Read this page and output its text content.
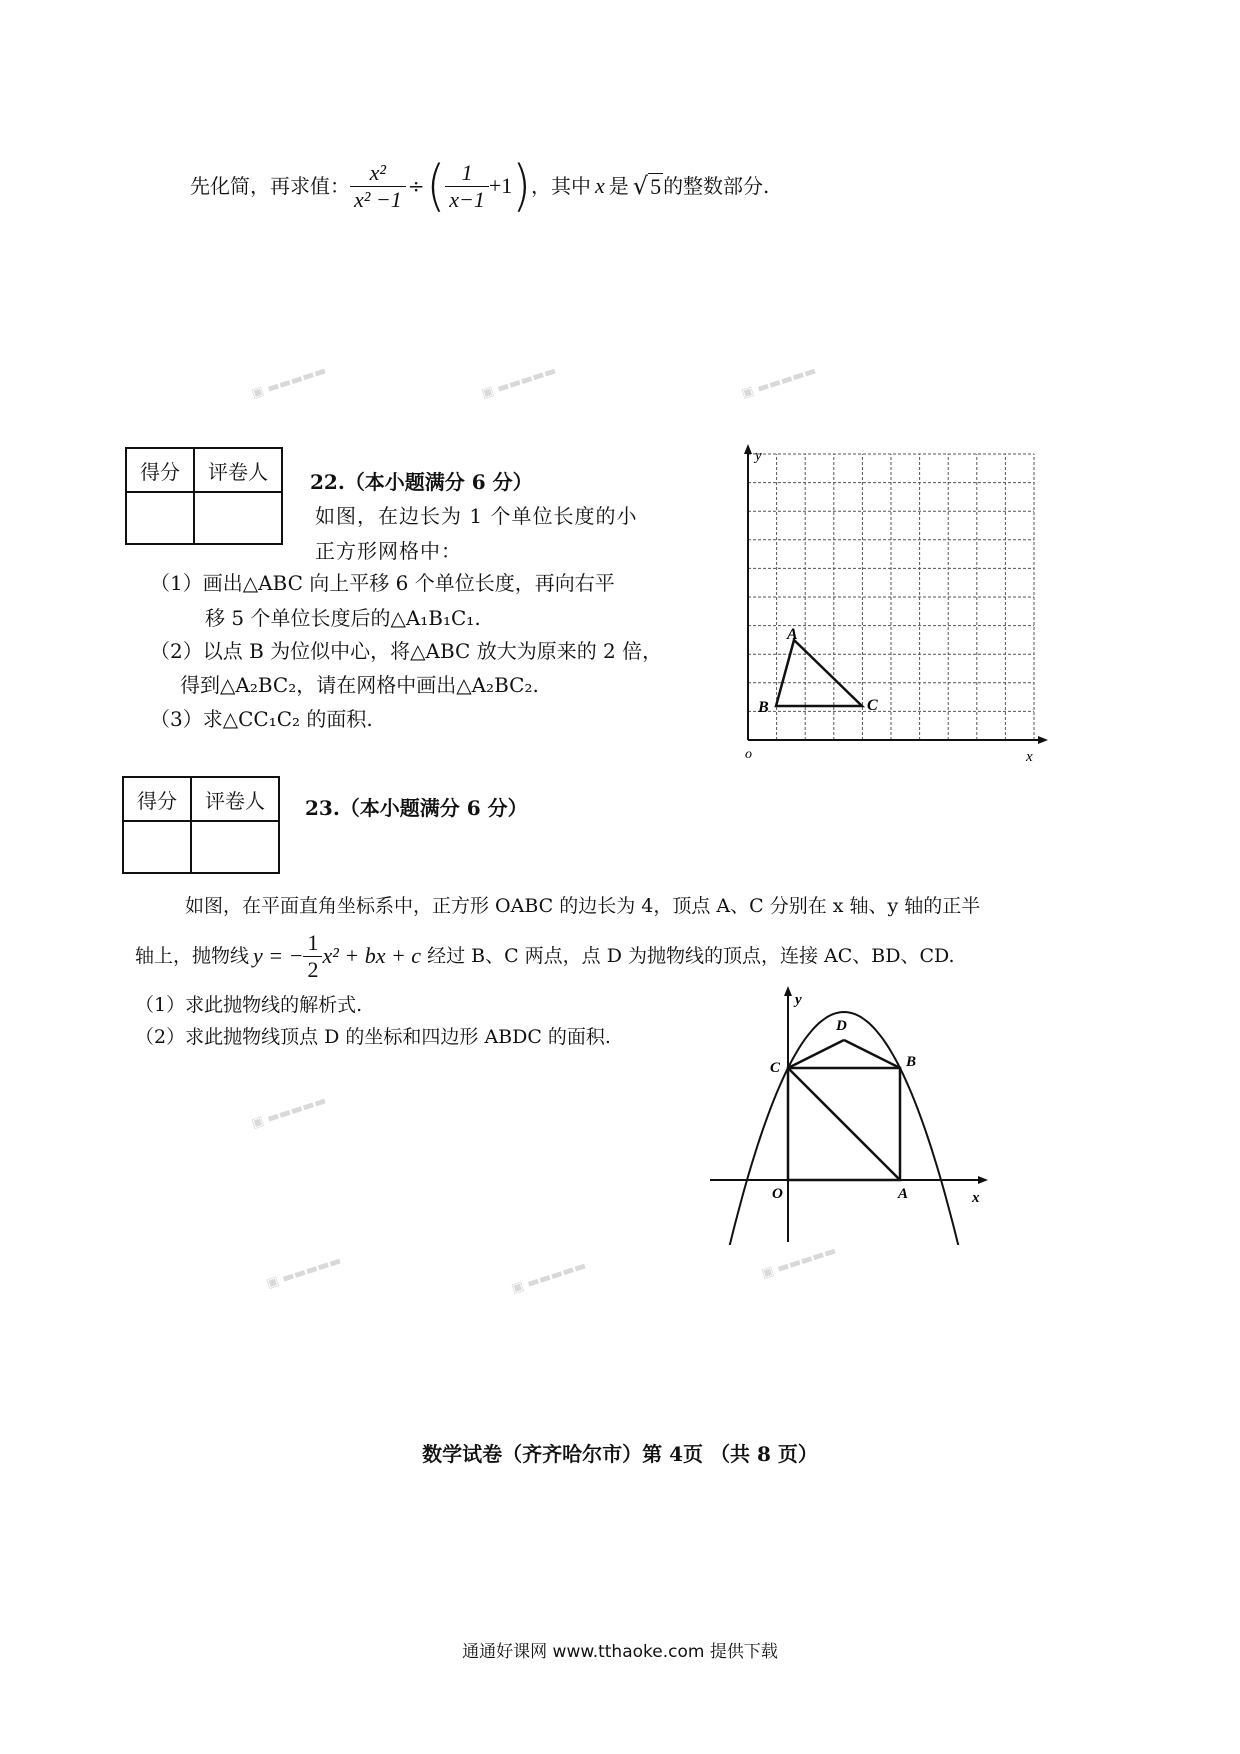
先化简，再求值： $\frac{\text{x²}}{\text{x² −1}}$ ÷ ( $\frac{1}{x-1} +1$ ) ，其中 x 是 √ 5 的整数部分.
▣ ▬▬▬▬▬	▣ ▬▬▬▬▬	▣ ▬▬▬▬▬
▣ ▬▬▬▬▬
▣ ▬▬▬▬▬	▣ ▬▬▬▬▬	▣ ▬▬▬▬▬
得分	评卷人
	22.（本小题满分 6 分）
如图，在边长为 1 个单位长度的小
正方形网格中：
（1）画出△ABC 向上平移 6 个单位长度，再向右平
移 5 个单位长度后的△A₁B₁C₁.
（2）以点 B 为位似中心，将△ABC 放大为原来的 2 倍，
得到△A₂BC₂，请在网格中画出△A₂BC₂.
（3）求△CC₁C₂ 的面积.
y
x
o
A
B	C
得分	评卷人
	23.（本小题满分 6 分）
如图，在平面直角坐标系中，正方形 OABC 的边长为 4，顶点 A、C 分别在 x 轴、y 轴的正半
轴上，抛物线 y = − $\frac{1}{2} x^2$ + bx + c 经过 B、C 两点，点 D 为抛物线的顶点，连接 AC、BD、CD.
（1）求此抛物线的解析式.
（2）求此抛物线顶点 D 的坐标和四边形 ABDC 的面积.
y
x
O	A
B
C
D
数学试卷（齐齐哈尔市）第 4页 （共 8 页）
通通好课网 www.tthaoke.com 提供下载
